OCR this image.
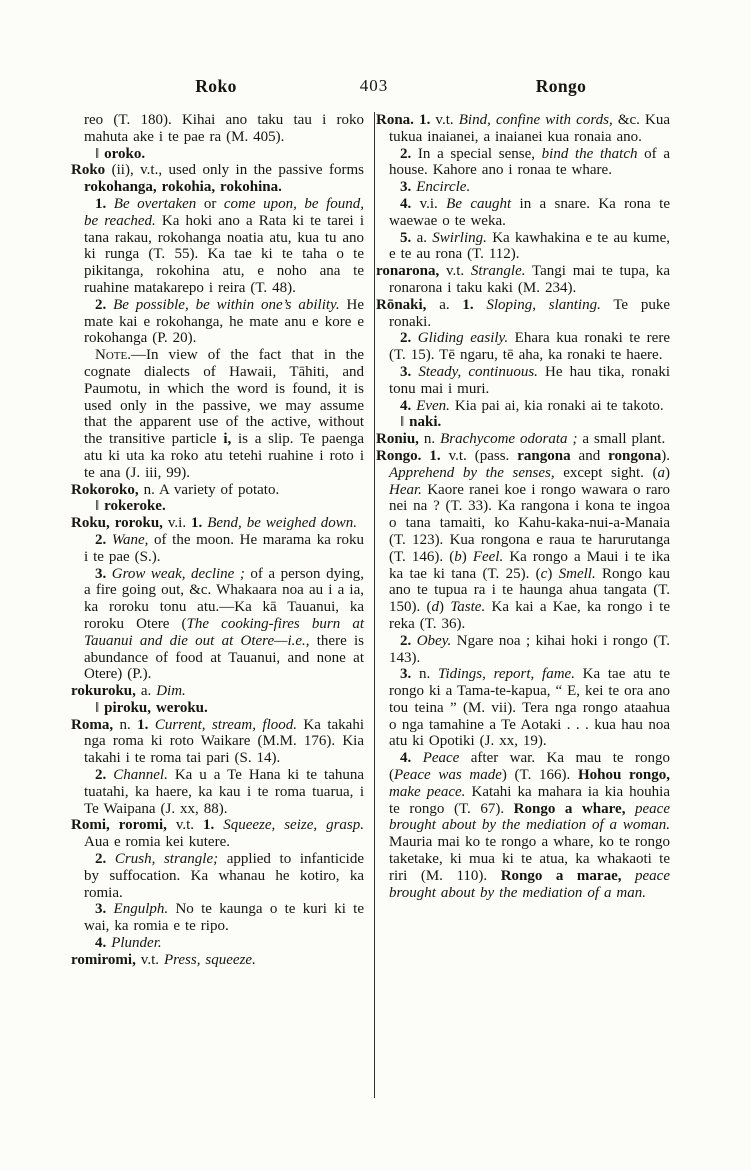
Roko	403	Rongo

reo (T. 180). Kihai ano taku tau i roko mahuta ake i te pae ra (M. 405).

‖ oroko.

Roko (ii), v.t., used only in the passive forms rokohanga, rokohia, rokohina.

1. Be overtaken or come upon, be found, be reached. Ka hoki ano a Rata ki te tarei i tana rakau, rokohanga noatia atu, kua tu ano ki runga (T. 55). Ka tae ki te taha o te pikitanga, rokohina atu, e noho ana te ruahine matakarepo i reira (T. 48).

2. Be possible, be within one’s ability. He mate kai e rokohanga, he mate anu e kore e rokohanga (P. 20).

Note.—In view of the fact that in the cognate dialects of Hawaii, Tāhiti, and Paumotu, in which the word is found, it is used only in the passive, we may assume that the apparent use of the active, without the transitive particle i, is a slip. Te paenga atu ki uta ka roko atu tetehi ruahine i roto i te ana (J. iii, 99).

Rokoroko, n. A variety of potato.

‖ rokeroke.

Roku, roroku, v.i. 1. Bend, be weighed down.

2. Wane, of the moon. He marama ka roku i te pae (S.).

3. Grow weak, decline ; of a person dying, a fire going out, &c. Whakaara noa au i a ia, ka roroku tonu atu.—Ka kā Tauanui, ka roroku Otere (The cooking-fires burn at Tauanui and die out at Otere—i.e., there is abundance of food at Tauanui, and none at Otere) (P.).

rokuroku, a. Dim.

‖ piroku, weroku.

Roma, n. 1. Current, stream, flood. Ka takahi nga roma ki roto Waikare (M.M. 176). Kia takahi i te roma tai pari (S. 14).

2. Channel. Ka u a Te Hana ki te tahuna tuatahi, ka haere, ka kau i te roma tuarua, i Te Waipana (J. xx, 88).

Romi, roromi, v.t. 1. Squeeze, seize, grasp. Aua e romia kei kutere.

2. Crush, strangle; applied to infanticide by suffocation. Ka whanau he kotiro, ka romia.

3. Engulph. No te kaunga o te kuri ki te wai, ka romia e te ripo.

4. Plunder.

romiromi, v.t. Press, squeeze.

Rona. 1. v.t. Bind, confine with cords, &c. Kua tukua inaianei, a inaianei kua ronaia ano.

2. In a special sense, bind the thatch of a house. Kahore ano i ronaa te whare.

3. Encircle.

4. v.i. Be caught in a snare. Ka rona te waewae o te weka.

5. a. Swirling. Ka kawhakina e te au kume, e te au rona (T. 112).

ronarona, v.t. Strangle. Tangi mai te tupa, ka ronarona i taku kaki (M. 234).

Rōnaki, a. 1. Sloping, slanting. Te puke ronaki.

2. Gliding easily. Ehara kua ronaki te rere (T. 15). Tē ngaru, tē aha, ka ronaki te haere.

3. Steady, continuous. He hau tika, ronaki tonu mai i muri.

4. Even. Kia pai ai, kia ronaki ai te takoto.

‖ naki.

Roniu, n. Brachycome odorata ; a small plant.

Rongo. 1. v.t. (pass. rangona and rongona). Apprehend by the senses, except sight. (a) Hear. Kaore ranei koe i rongo wawara o raro nei na ? (T. 33). Ka rangona i kona te ingoa o tana tamaiti, ko Kahu-kaka-nui-a-Manaia (T. 123). Kua rongona e raua te harurutanga (T. 146). (b) Feel. Ka rongo a Maui i te ika ka tae ki tana (T. 25). (c) Smell. Rongo kau ano te tupua ra i te haunga ahua tangata (T. 150). (d) Taste. Ka kai a Kae, ka rongo i te reka (T. 36).

2. Obey. Ngare noa ; kihai hoki i rongo (T. 143).

3. n. Tidings, report, fame. Ka tae atu te rongo ki a Tama-te-kapua, “ E, kei te ora ano tou teina ” (M. vii). Tera nga rongo ataahua o nga tamahine a Te Aotaki . . . kua hau noa atu ki Opotiki (J. xx, 19).

4. Peace after war. Ka mau te rongo (Peace was made) (T. 166). Hohou rongo, make peace. Katahi ka mahara ia kia houhia te rongo (T. 67). Rongo a whare, peace brought about by the mediation of a woman. Mauria mai ko te rongo a whare, ko te rongo taketake, ki mua ki te atua, ka whakaoti te riri (M. 110). Rongo a marae, peace brought about by the mediation of a man.
